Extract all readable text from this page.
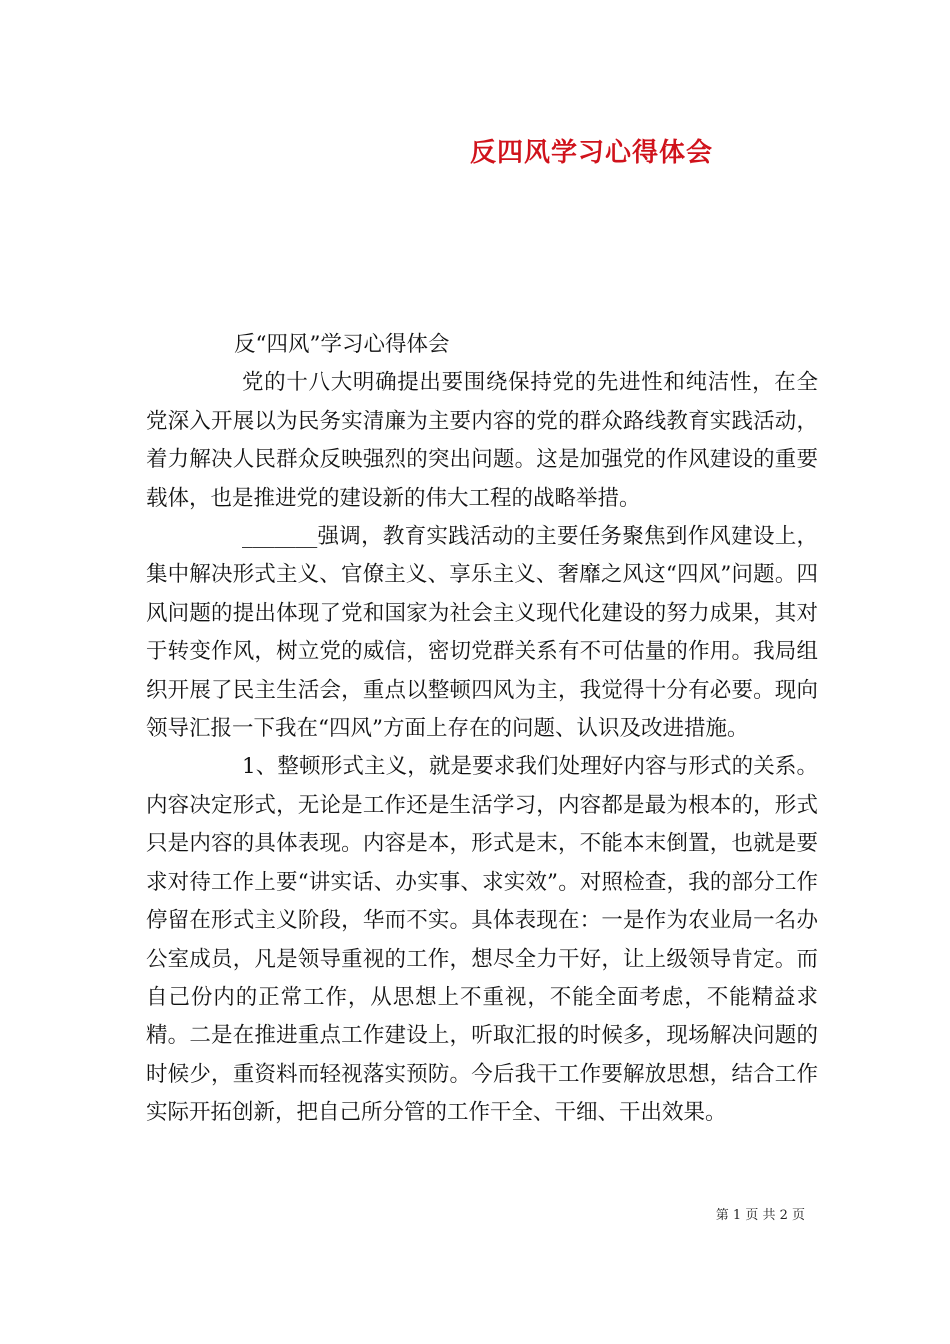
反四风学习心得体会

反“四风”学习心得体会

党的十八大明确提出要围绕保持党的先进性和纯洁性，在全党深入开展以为民务实清廉为主要内容的党的群众路线教育实践活动，着力解决人民群众反映强烈的突出问题。这是加强党的作风建设的重要载体，也是推进党的建设新的伟大工程的战略举措。

_______强调，教育实践活动的主要任务聚焦到作风建设上，集中解决形式主义、官僚主义、享乐主义、奢靡之风这“四风”问题。四风问题的提出体现了党和国家为社会主义现代化建设的努力成果，其对于转变作风，树立党的威信，密切党群关系有不可估量的作用。我局组织开展了民主生活会，重点以整顿四风为主，我觉得十分有必要。现向领导汇报一下我在“四风”方面上存在的问题、认识及改进措施。

1、整顿形式主义，就是要求我们处理好内容与形式的关系。内容决定形式，无论是工作还是生活学习，内容都是最为根本的，形式只是内容的具体表现。内容是本，形式是末，不能本末倒置，也就是要求对待工作上要“讲实话、办实事、求实效”。对照检查，我的部分工作停留在形式主义阶段，华而不实。具体表现在：一是作为农业局一名办公室成员，凡是领导重视的工作，想尽全力干好，让上级领导肯定。而自己份内的正常工作，从思想上不重视，不能全面考虑，不能精益求精。二是在推进重点工作建设上，听取汇报的时候多，现场解决问题的时候少，重资料而轻视落实预防。今后我干工作要解放思想，结合工作实际开拓创新，把自己所分管的工作干全、干细、干出效果。

第 1 页 共 2 页
